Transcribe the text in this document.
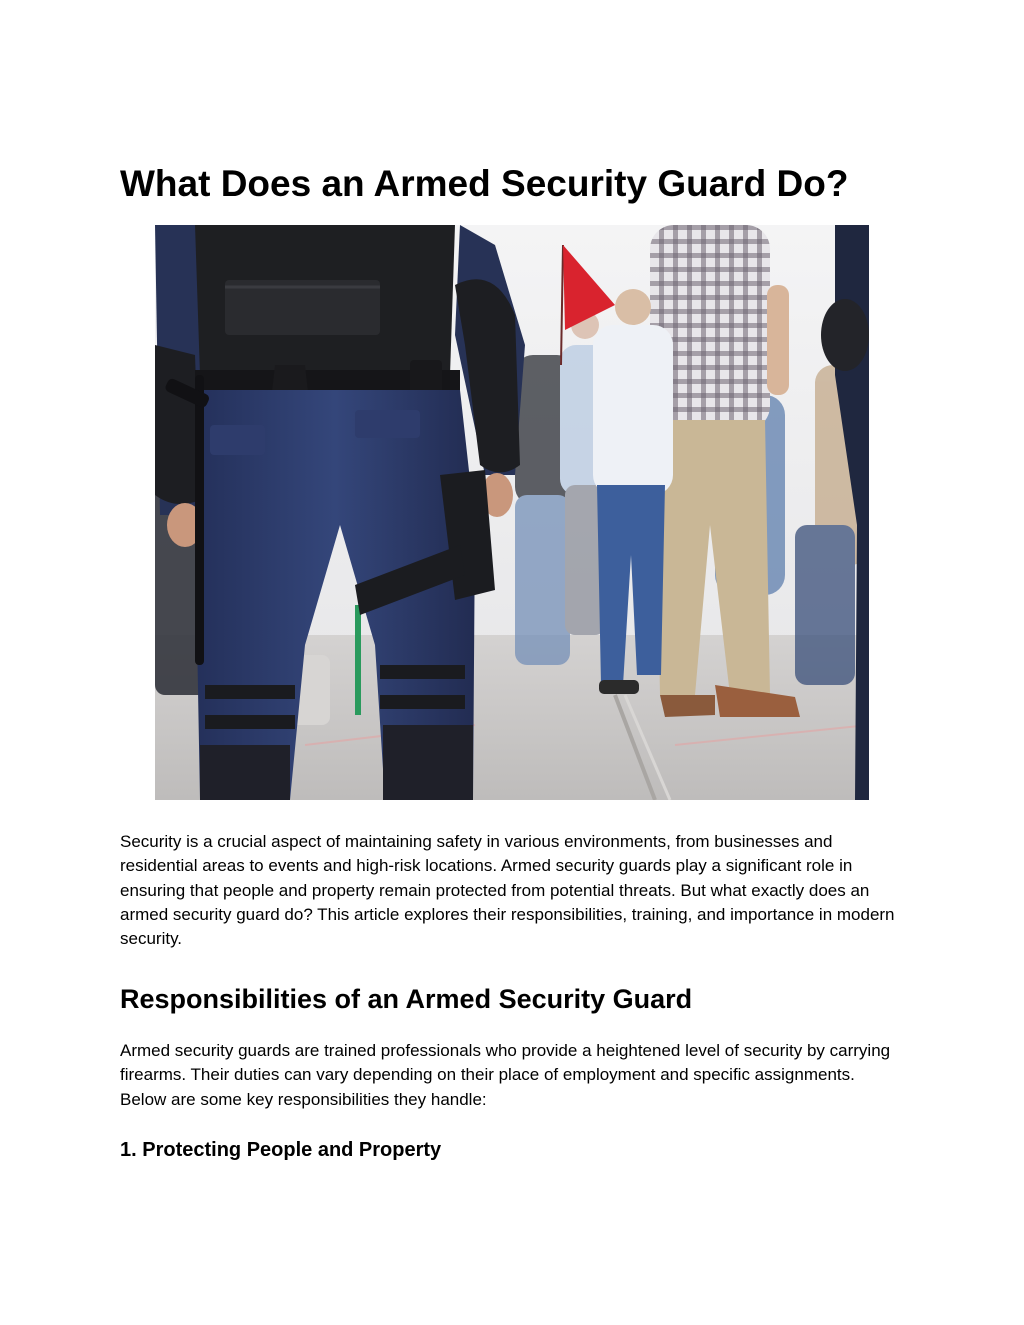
What Does an Armed Security Guard Do?

Security is a crucial aspect of maintaining safety in various environments, from businesses and residential areas to events and high-risk locations. Armed security guards play a significant role in ensuring that people and property remain protected from potential threats. But what exactly does an armed security guard do? This article explores their responsibilities, training, and importance in modern security.

Responsibilities of an Armed Security Guard

Armed security guards are trained professionals who provide a heightened level of security by carrying firearms. Their duties can vary depending on their place of employment and specific assignments. Below are some key responsibilities they handle:

1. Protecting People and Property
